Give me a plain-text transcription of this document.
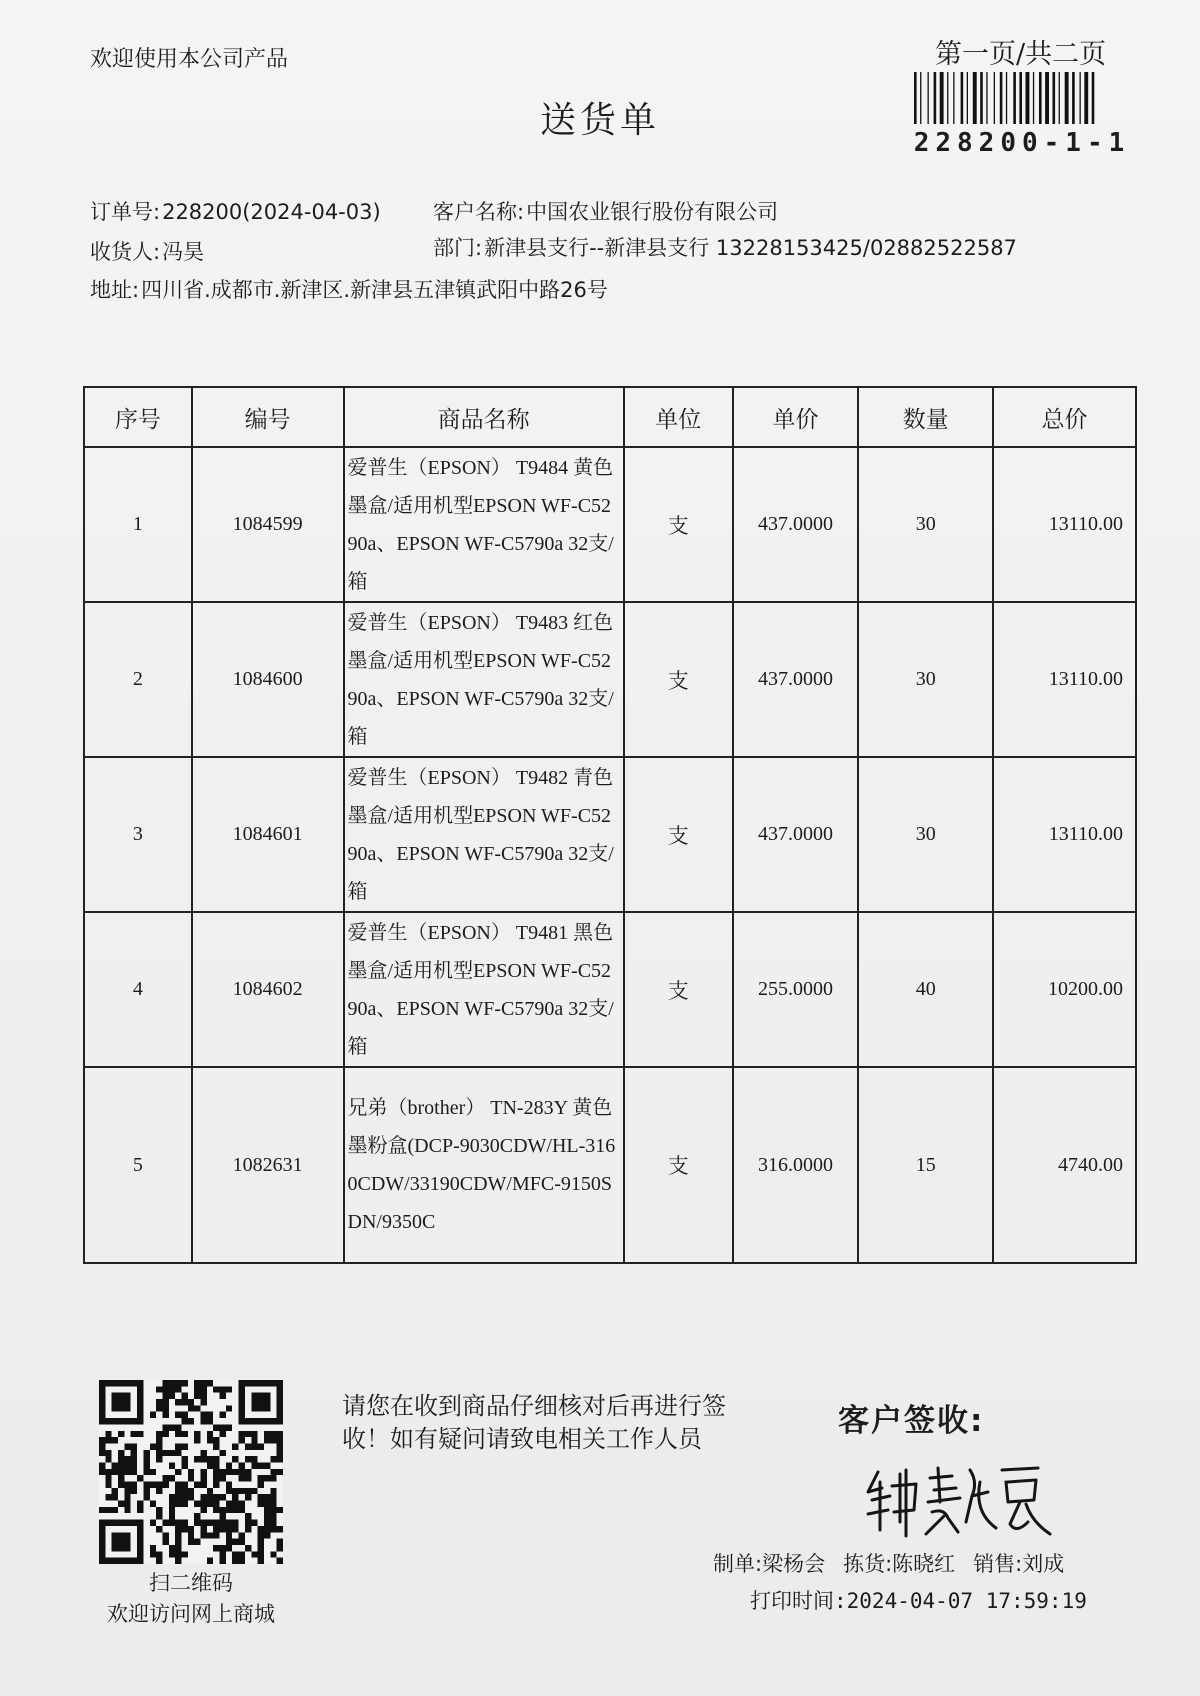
欢迎使用本公司产品
送货单
第一页/共二页
228200-1-1
订单号:228200(2024-04-03) 客户名称:中国农业银行股份有限公司
收货人:冯昊	部门:新津县支行--新津县支行 13228153425/02882522587
地址:四川省.成都市.新津区.新津县五津镇武阳中路26号
序号	编号	商品名称	单位	单价	数量	总价
1	1084599	爱普生（EPSON） T9484 黄色墨盒/适用机型EPSON WF-C5290a、EPSON WF-C5790a 32支/箱	支	437.0000	30	13110.00
2	1084600	爱普生（EPSON） T9483 红色墨盒/适用机型EPSON WF-C5290a、EPSON WF-C5790a 32支/箱	支	437.0000	30	13110.00
3	1084601	爱普生（EPSON） T9482 青色墨盒/适用机型EPSON WF-C5290a、EPSON WF-C5790a 32支/箱	支	437.0000	30	13110.00
4	1084602	爱普生（EPSON） T9481 黑色墨盒/适用机型EPSON WF-C5290a、EPSON WF-C5790a 32支/箱	支	255.0000	40	10200.00
5	1082631	兄弟（brother） TN-283Y 黄色墨粉盒(DCP-9030CDW/HL-3160CDW/33190CDW/MFC-9150SDN/9350C	支	316.0000	15	4740.00
扫二维码
欢迎访问网上商城
请您在收到商品仔细核对后再进行签收！如有疑问请致电相关工作人员	客户签收:
制单:梁杨会 拣货:陈晓红 销售:刘成
打印时间:2024-04-07 17:59:19
